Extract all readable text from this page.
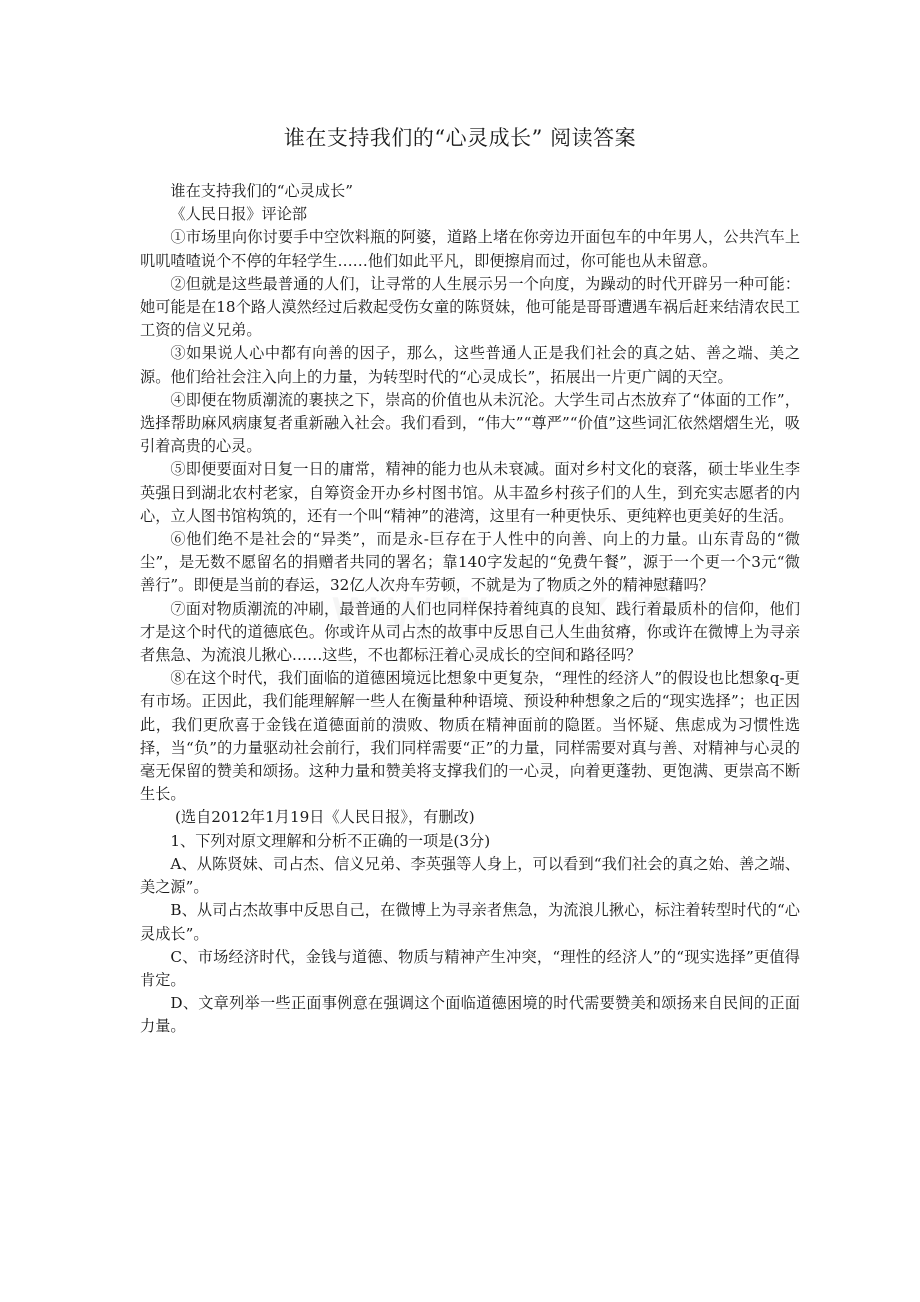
谁在支持我们的“心灵成长” 阅读答案

谁在支持我们的“心灵成长”

《人民日报》评论部

①市场里向你讨要手中空饮料瓶的阿婆，道路上堵在你旁边开面包车的中年男人，公共汽车上叽叽喳喳说个不停的年轻学生……他们如此平凡，即便擦肩而过，你可能也从未留意。

②但就是这些最普通的人们，让寻常的人生展示另一个向度，为躁动的时代开辟另一种可能：她可能是在18个路人漠然经过后救起受伤女童的陈贤妹，他可能是哥哥遭遇车祸后赶来结清农民工工资的信义兄弟。

③如果说人心中都有向善的因子，那么，这些普通人正是我们社会的真之姑、善之端、美之源。他们给社会注入向上的力量，为转型时代的“心灵成长”，拓展出一片更广阔的天空。

④即便在物质潮流的裹挟之下，崇高的价值也从未沉沦。大学生司占杰放弃了“体面的工作”，选择帮助麻风病康复者重新融入社会。我们看到，“伟大”“尊严”“价值”这些词汇依然熠熠生光，吸引着高贵的心灵。

⑤即便要面对日复一日的庸常，精神的能力也从未衰减。面对乡村文化的衰落，硕士毕业生李英强日到湖北农村老家，自筹资金开办乡村图书馆。从丰盈乡村孩子们的人生，到充实志愿者的内心，立人图书馆构筑的，还有一个叫“精神”的港湾，这里有一种更快乐、更纯粹也更美好的生活。

⑥他们绝不是社会的“异类”，而是永-巨存在于人性中的向善、向上的力量。山东青岛的“微尘”，是无数不愿留名的捐赠者共同的署名；靠140字发起的“免费午餐”，源于一个更一个3元“微善行”。即便是当前的春运，32亿人次舟车劳顿，不就是为了物质之外的精神慰藉吗？

⑦面对物质潮流的冲刷，最普通的人们也同样保持着纯真的良知、践行着最质朴的信仰，他们才是这个时代的道德底色。你或许从司占杰的故事中反思自己人生曲贫瘠，你或许在微博上为寻亲者焦急、为流浪儿揪心……这些，不也都标汪着心灵成长的空间和路径吗？

⑧在这个时代，我们面临的道德困境远比想象中更复杂，“理性的经济人”的假设也比想象q-更有市场。正因此，我们能理解解一些人在衡量种种语境、预设种种想象之后的“现实选择”；也正因此，我们更欣喜于金钱在道德面前的溃败、物质在精神面前的隐匿。当怀疑、焦虑成为习惯性选择，当“负”的力量驱动社会前行，我们同样需要“正”的力量，同样需要对真与善、对精神与心灵的毫无保留的赞美和颂扬。这种力量和赞美将支撑我们的一心灵，向着更蓬勃、更饱满、更崇高不断生长。

(选自2012年1月19日《人民日报》，有删改)

1、下列对原文理解和分析不正确的一项是(3分)

A、从陈贤妹、司占杰、信义兄弟、李英强等人身上，可以看到“我们社会的真之始、善之端、美之源”。

B、从司占杰故事中反思自己，在微博上为寻亲者焦急，为流浪儿揪心，标注着转型时代的“心灵成长”。

C、市场经济时代，金钱与道德、物质与精神产生冲突，“理性的经济人”的“现实选择”更值得肯定。

D、文章列举一些正面事例意在强调这个面临道德困境的时代需要赞美和颂扬来自民间的正面力量。
